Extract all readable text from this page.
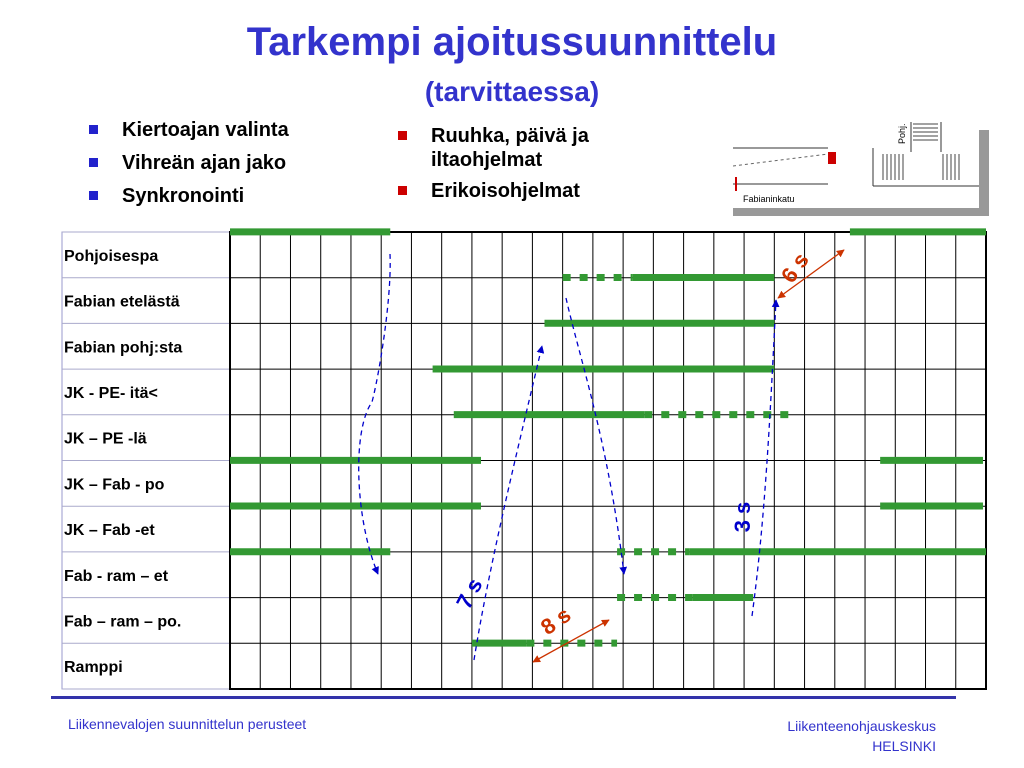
Tarkempi ajoitussuunnittelu
(tarvittaessa)
Kiertoajan valinta
Vihreän ajan jako
Synkronointi
Ruuhka, päivä ja iltaohjelmat
Erikoisohjelmat
Pohj.
Fabianinkatu
Pohjoisespa
Fabian etelästä
Fabian pohj:sta
JK - PE- itä<
JK – PE -lä
JK – Fab - po
JK – Fab -et
Fab - ram – et
Fab – ram – po.
Ramppi
6 s
3 s
7 s
8 s
Liikennevalojen suunnittelun perusteet	Liikenteenohjauskeskus
HELSINKI
